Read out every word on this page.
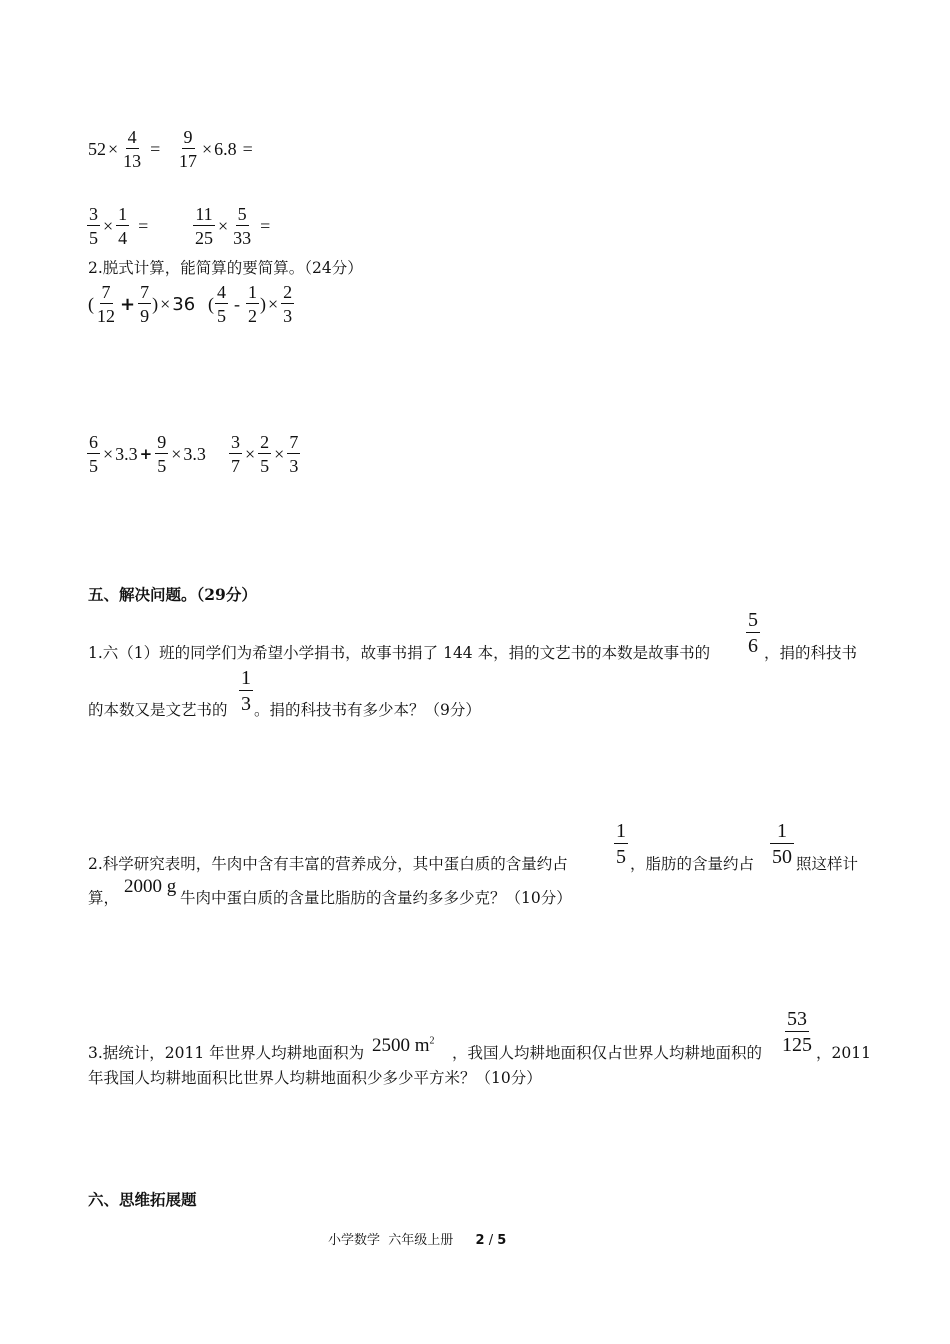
$52 \times \frac{4}{13} = \frac{9}{17} \times 6.8$ =
$\frac{3}{5} \times \frac{1}{4} = \frac{11}{25} \times \frac{5}{33}$ =
2.脱式计算，能简算的要简算。（24分）
( $\frac{7}{12} + \frac{7}{9}$ ) × 36 ( $\frac{4}{5} - \frac{1}{2}$ ) × $\frac{2}{3}$
$\frac{6}{5} \times 3.3 + \frac{9}{5} \times 3.3 \frac{3}{7} \times \frac{2}{5} \times \frac{7}{3}$
五、解决问题。（29分）
1.六（1）班的同学们为希望小学捐书，故事书捐了 144 本，捐的文艺书的本数是故事书的 $\frac{5}{6}$ ，捐的科技书
的本数又是文艺书的 $\frac{1}{3}$ 。捐的科技书有多少本？（9分）
2.科学研究表明，牛肉中含有丰富的营养成分，其中蛋白质的含量约占 $\frac{1}{5}$ ，脂肪的含量约占 $\frac{1}{50}$ 照这样计
算，
2000 g
牛肉中蛋白质的含量比脂肪的含量约多多少克？（10分）
3.据统计，2011 年世界人均耕地面积为 2500 $m^2$
，我国人均耕地面积仅占世界人均耕地面积的 $\frac{53}{125}$ ，2011
年我国人均耕地面积比世界人均耕地面积少多少平方米？（10分）
六、思维拓展题
小学数学  六年级上册 2 / 5
